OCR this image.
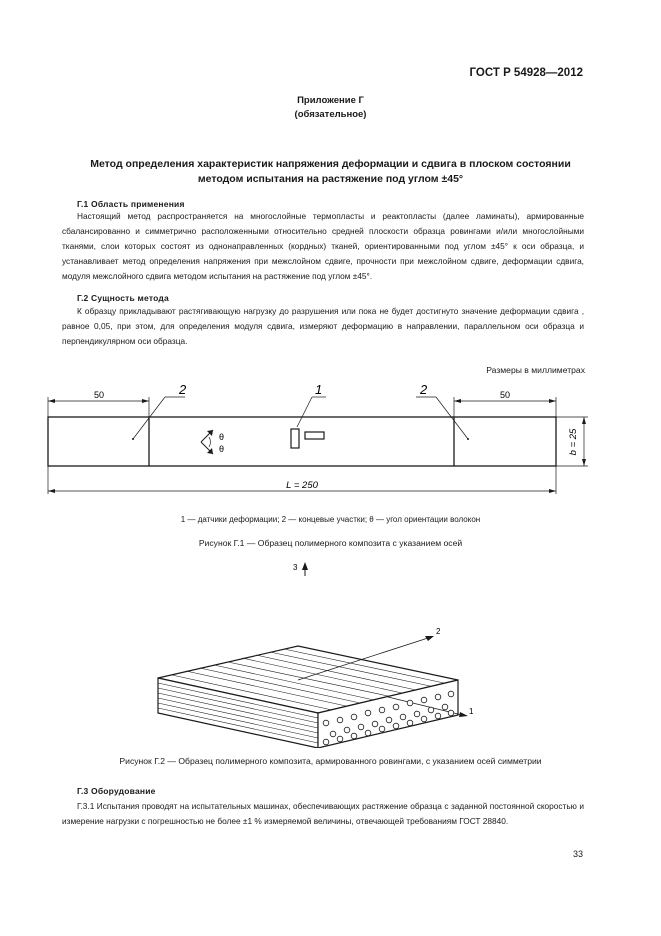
ГОСТ Р 54928—2012
Приложение Г
(обязательное)
Метод определения характеристик напряжения деформации и сдвига в плоском состоянии
методом испытания на растяжение под углом ±45°
Г.1 Область применения

Настоящий метод распространяется на многослойные термопласты и реактопласты (далее ламинаты), армированные сбалансированно и симметрично расположенными относительно средней плоскости образца ровингами и/или многослойными тканями, слои которых состоят из однонаправленных (кордных) тканей, ориентированными под углом ±45° к оси образца, и устанавливает метод определения напряжения при межслойном сдвиге, прочности при межслойном сдвиге, деформации сдвига, модуля межслойного сдвига методом испытания на растяжение под углом ±45°.

Г.2 Сущность метода

К образцу прикладывают растягивающую нагрузку до разрушения или пока не будет достигнуто значение деформации сдвига , равное 0,05, при этом, для определения модуля сдвига, измеряют деформацию в направлении, параллельном оси образца и перпендикулярном оси образца.

Размеры в миллиметрах
50	50
L = 250
b = 25
2	2
1
θ
θ
1 — датчики деформации; 2 — концевые участки; θ — угол ориентации волокон
Рисунок Г.1 — Образец полимерного композита с указанием осей
3
2
1
Рисунок Г.2 — Образец полимерного композита, армированного ровингами, с указанием осей симметрии
Г.3 Оборудование

Г.3.1 Испытания проводят на испытательных машинах, обеспечивающих растяжение образца с заданной постоянной скоростью и измерение нагрузки с погрешностью не более ±1 % измеряемой величины, отвечающей требованиям ГОСТ 28840.

33
